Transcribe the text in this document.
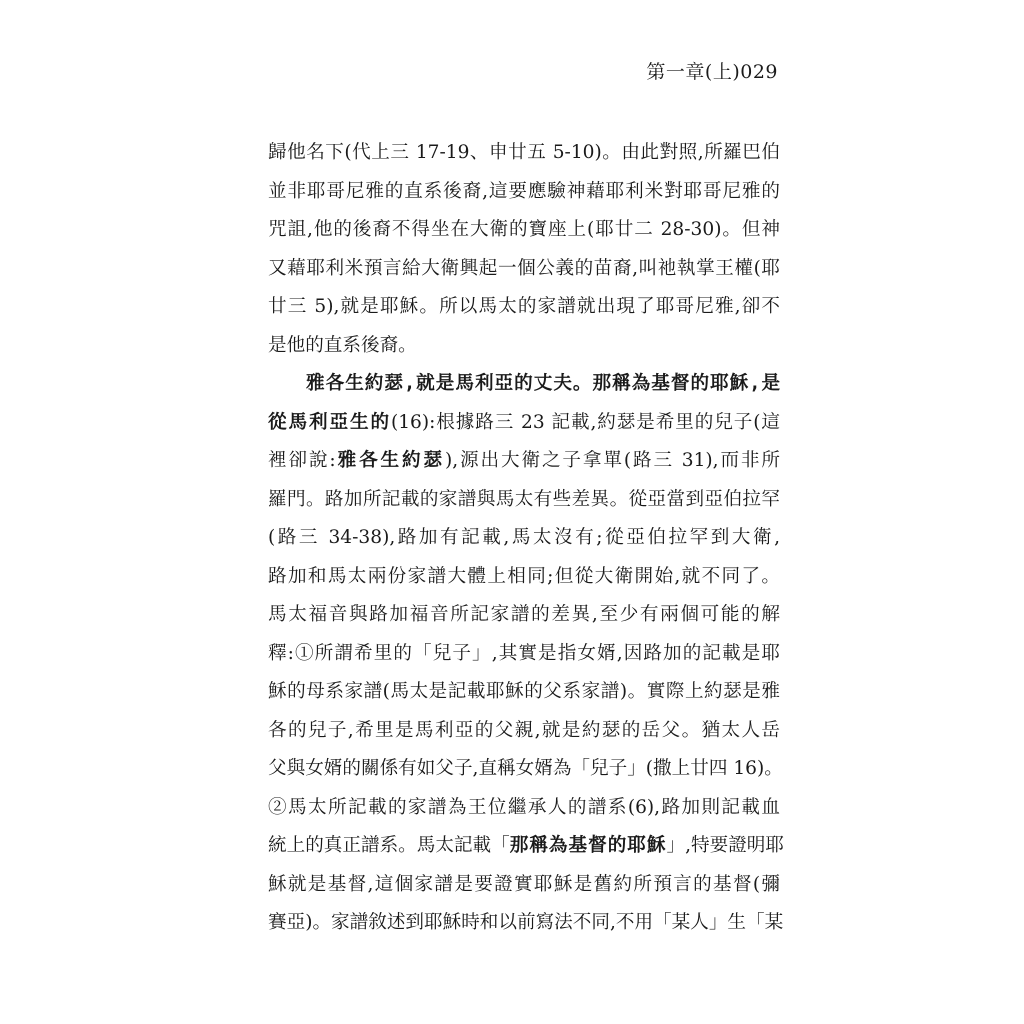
第一章(上)029
歸他名下(代上三 17-19、申廿五 5-10)。由此對照,所羅巴伯
並非耶哥尼雅的直系後裔,這要應驗神藉耶利米對耶哥尼雅的
咒詛,他的後裔不得坐在大衛的寶座上(耶廿二 28-30)。但神
又藉耶利米預言給大衛興起一個公義的苗裔,叫祂執掌王權(耶
廿三 5),就是耶穌。所以馬太的家譜就出現了耶哥尼雅,卻不
是他的直系後裔。
雅各生約瑟,就是馬利亞的丈夫。那稱為基督的耶穌,是
從馬利亞生的(16):根據路三 23 記載,約瑟是希里的兒子(這
裡卻說:雅各生約瑟),源出大衛之子拿單(路三 31),而非所
羅門。路加所記載的家譜與馬太有些差異。從亞當到亞伯拉罕
(路三 34-38),路加有記載,馬太沒有;從亞伯拉罕到大衛,
路加和馬太兩份家譜大體上相同;但從大衛開始,就不同了。
馬太福音與路加福音所記家譜的差異,至少有兩個可能的解
釋:①所謂希里的「兒子」,其實是指女婿,因路加的記載是耶
穌的母系家譜(馬太是記載耶穌的父系家譜)。實際上約瑟是雅
各的兒子,希里是馬利亞的父親,就是約瑟的岳父。猶太人岳
父與女婿的關係有如父子,直稱女婿為「兒子」(撒上廿四 16)。
②馬太所記載的家譜為王位繼承人的譜系(6),路加則記載血
統上的真正譜系。馬太記載「那稱為基督的耶穌」,特要證明耶
穌就是基督,這個家譜是要證實耶穌是舊約所預言的基督(彌
賽亞)。家譜敘述到耶穌時和以前寫法不同,不用「某人」生「某
